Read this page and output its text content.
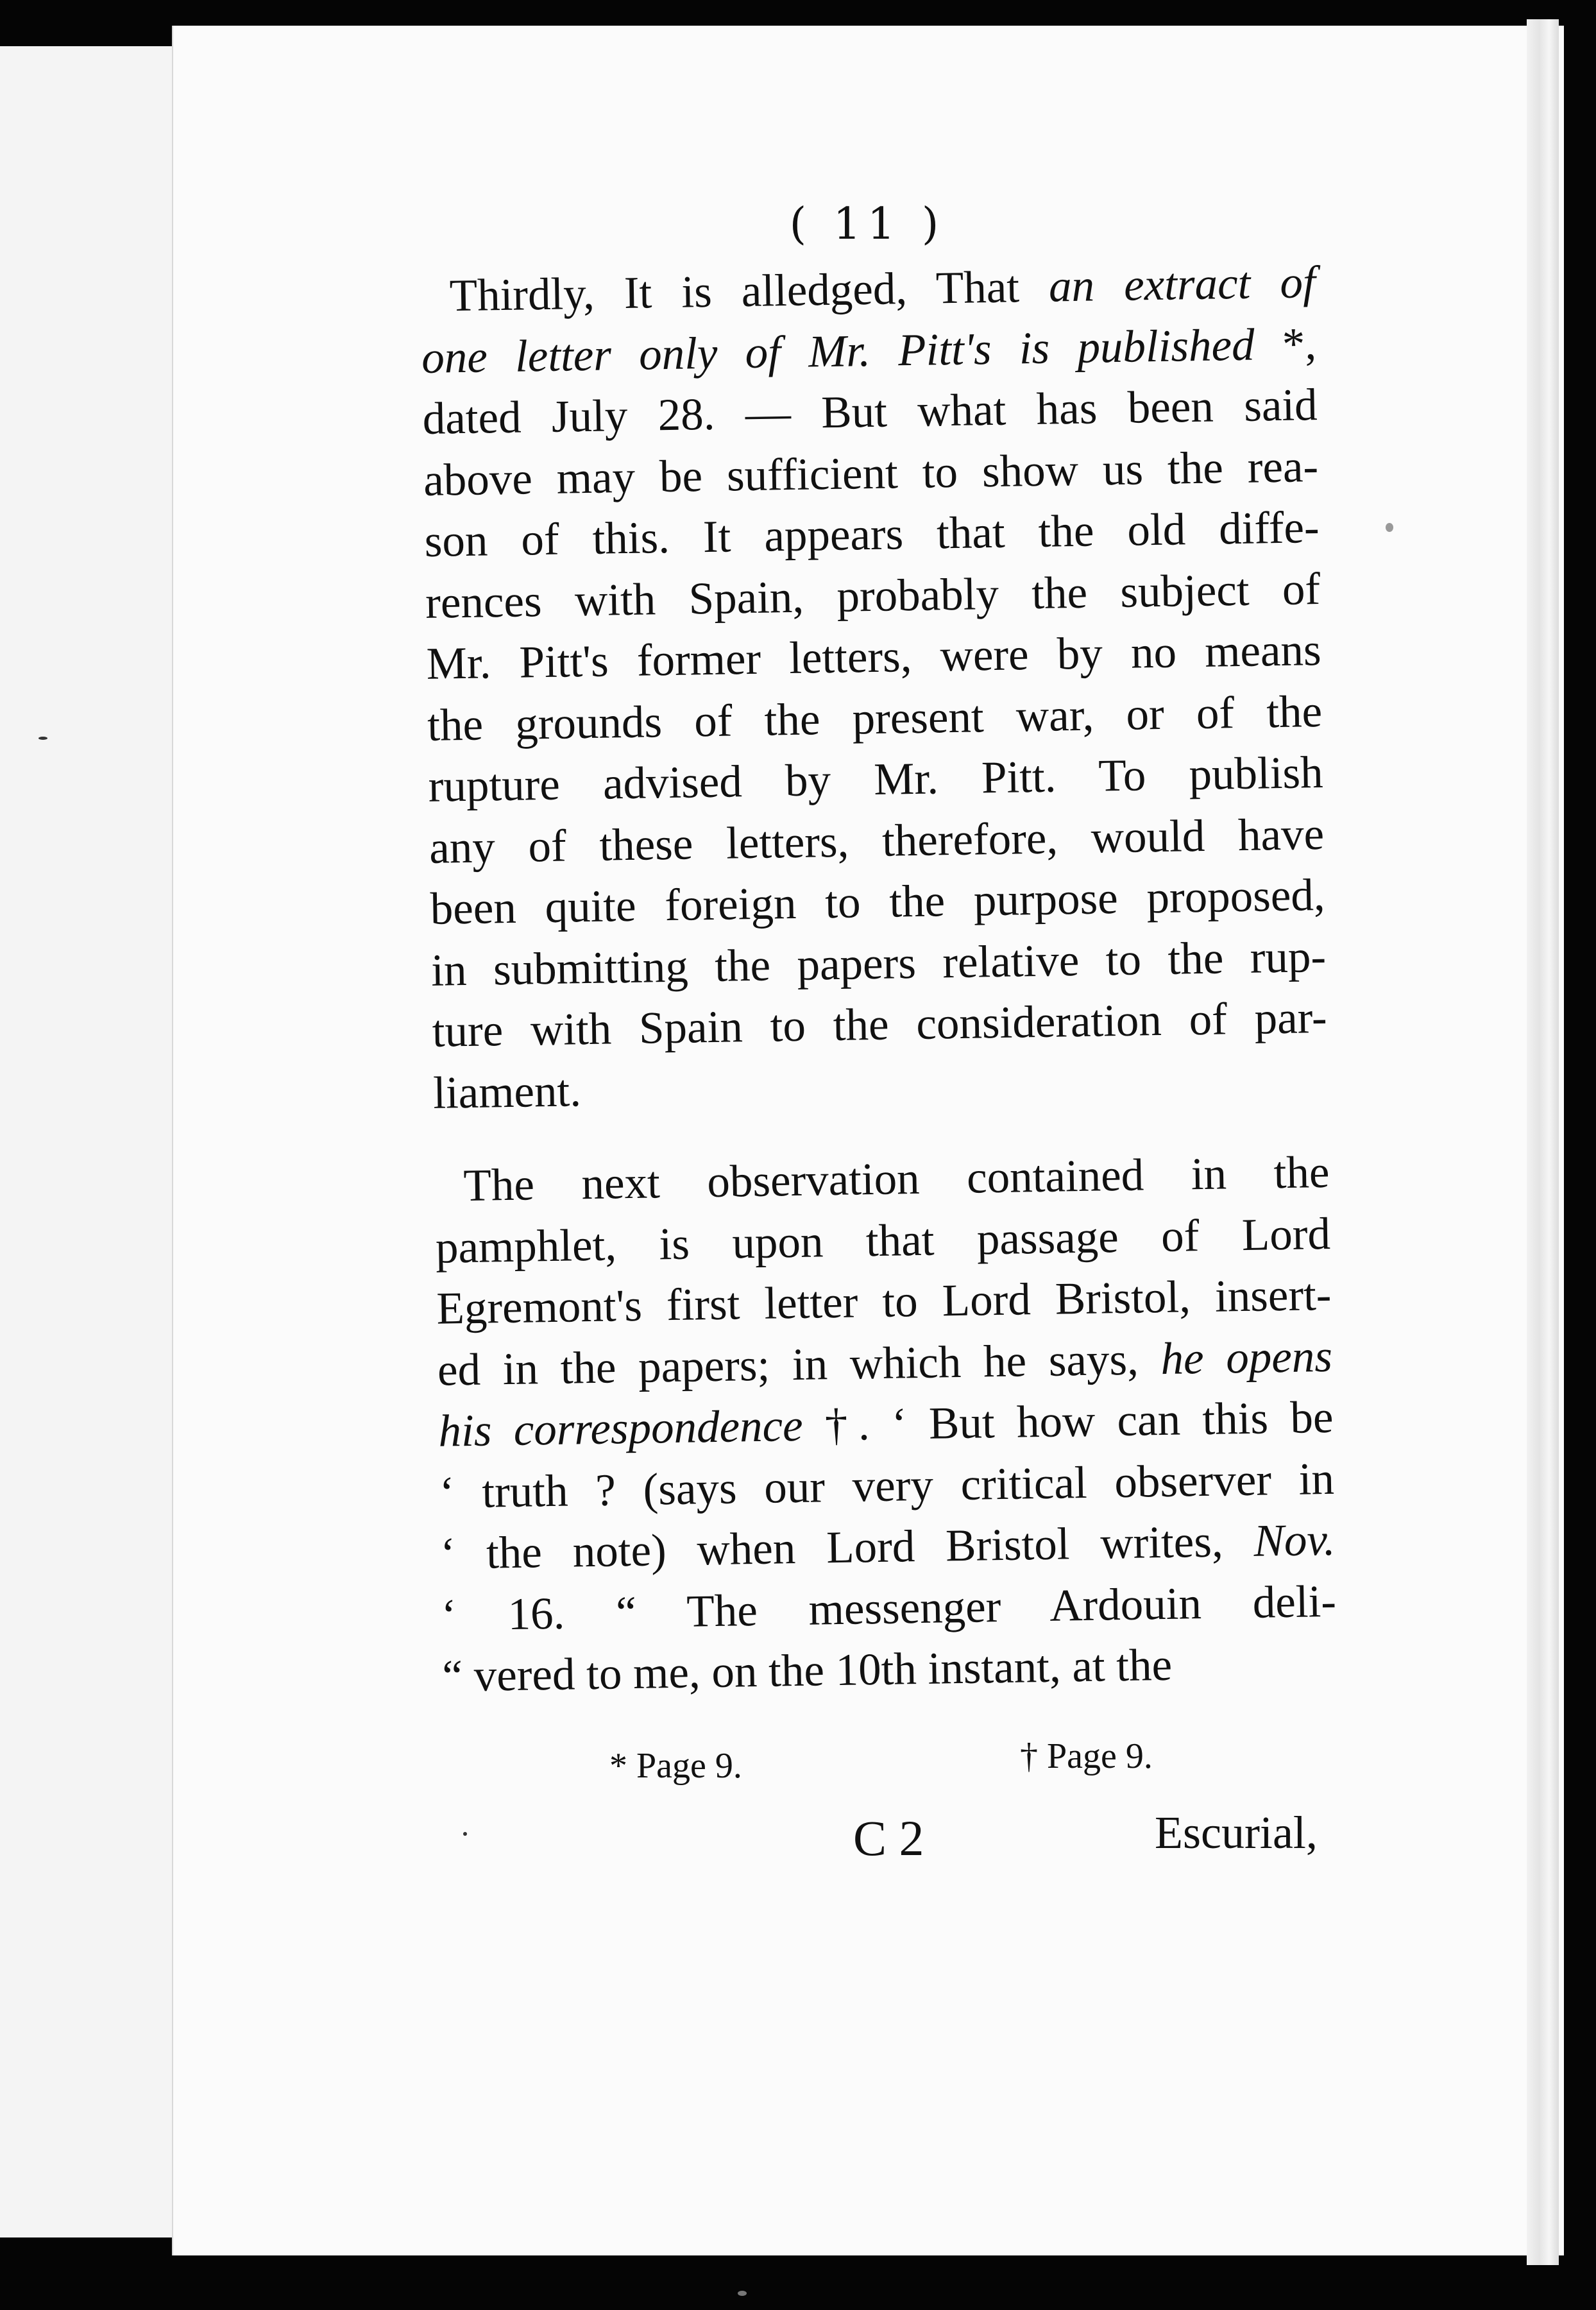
( 11 )
Thirdly, It is alledged, That an extract of
one letter only of Mr. Pitt's is published *,
dated July 28. — But what has been said
above may be sufficient to show us the rea-
son of this. It appears that the old diffe-
rences with Spain, probably the subject of
Mr. Pitt's former letters, were by no means
the grounds of the present war, or of the
rupture advised by Mr. Pitt. To publish
any of these letters, therefore, would have
been quite foreign to the purpose proposed,
in submitting the papers relative to the rup-
ture with Spain to the consideration of par-
liament.
The next observation contained in the
pamphlet, is upon that passage of Lord
Egremont's first letter to Lord Bristol, insert-
ed in the papers; in which he says, he opens
his correspondence †. ‘ But how can this be
‘ truth ? (says our very critical observer in
‘ the note) when Lord Bristol writes, Nov.
‘ 16. “ The messenger Ardouin deli-
“ vered to me, on the 10th instant, at the
* Page 9.	† Page 9.
C 2	Escurial,
